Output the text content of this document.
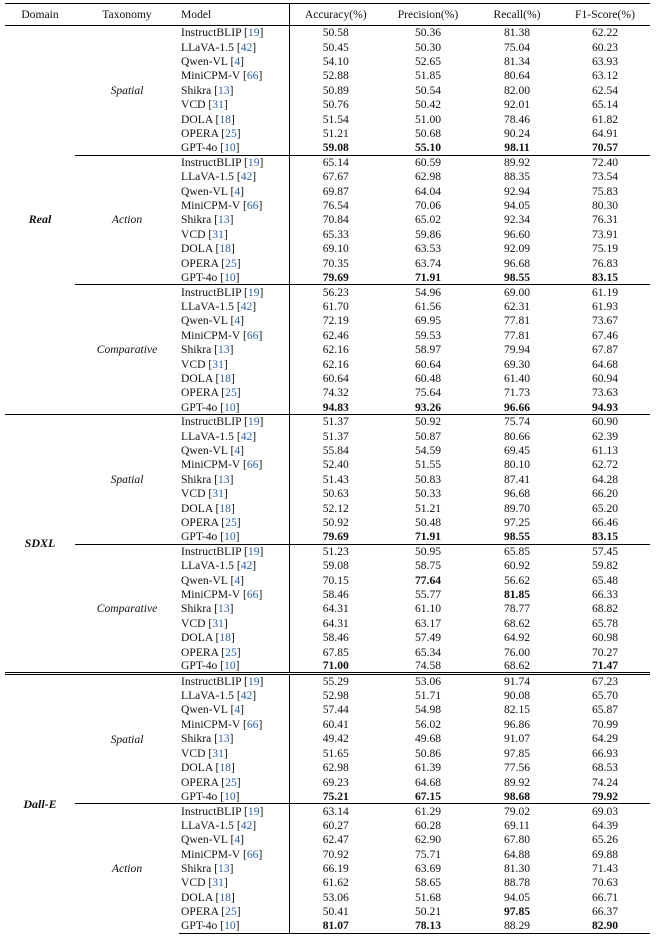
Domain	Taxonomy	Model	Accuracy(%)	Precision(%)	Recall(%)	F1-Score(%)
Real	Spatial	InstructBLIP [19]	50.58	50.36	81.38	62.22
		LLaVA-1.5 [42]	50.45	50.30	75.04	60.23
		Qwen-VL [4]	54.10	52.65	81.34	63.93
		MiniCPM-V [66]	52.88	51.85	80.64	63.12
		Shikra [13]	50.89	50.54	82.00	62.54
		VCD [31]	50.76	50.42	92.01	65.14
		DOLA [18]	51.54	51.00	78.46	61.82
		OPERA [25]	51.21	50.68	90.24	64.91
		GPT-4o [10]	59.08	55.10	98.11	70.57
	Action	InstructBLIP [19]	65.14	60.59	89.92	72.40
		LLaVA-1.5 [42]	67.67	62.98	88.35	73.54
		Qwen-VL [4]	69.87	64.04	92.94	75.83
		MiniCPM-V [66]	76.54	70.06	94.05	80.30
		Shikra [13]	70.84	65.02	92.34	76.31
		VCD [31]	65.33	59.86	96.60	73.91
		DOLA [18]	69.10	63.53	92.09	75.19
		OPERA [25]	70.35	63.74	96.68	76.83
		GPT-4o [10]	79.69	71.91	98.55	83.15
	Comparative	InstructBLIP [19]	56.23	54.96	69.00	61.19
		LLaVA-1.5 [42]	61.70	61.56	62.31	61.93
		Qwen-VL [4]	72.19	69.95	77.81	73.67
		MiniCPM-V [66]	62.46	59.53	77.81	67.46
		Shikra [13]	62.16	58.97	79.94	67.87
		VCD [31]	62.16	60.64	69.30	64.68
		DOLA [18]	60.64	60.48	61.40	60.94
		OPERA [25]	74.32	75.64	71.73	73.63
		GPT-4o [10]	94.83	93.26	96.66	94.93
SDXL	Spatial	InstructBLIP [19]	51.37	50.92	75.74	60.90
		LLaVA-1.5 [42]	51.37	50.87	80.66	62.39
		Qwen-VL [4]	55.84	54.59	69.45	61.13
		MiniCPM-V [66]	52.40	51.55	80.10	62.72
		Shikra [13]	51.43	50.83	87.41	64.28
		VCD [31]	50.63	50.33	96.68	66.20
		DOLA [18]	52.12	51.21	89.70	65.20
		OPERA [25]	50.92	50.48	97.25	66.46
		GPT-4o [10]	79.69	71.91	98.55	83.15
	Comparative	InstructBLIP [19]	51.23	50.95	65.85	57.45
		LLaVA-1.5 [42]	59.08	58.75	60.92	59.82
		Qwen-VL [4]	70.15	77.64	56.62	65.48
		MiniCPM-V [66]	58.46	55.77	81.85	66.33
		Shikra [13]	64.31	61.10	78.77	68.82
		VCD [31]	64.31	63.17	68.62	65.78
		DOLA [18]	58.46	57.49	64.92	60.98
		OPERA [25]	67.85	65.34	76.00	70.27
		GPT-4o [10]	71.00	74.58	68.62	71.47
Dall-E	Spatial	InstructBLIP [19]	55.29	53.06	91.74	67.23
		LLaVA-1.5 [42]	52.98	51.71	90.08	65.70
		Qwen-VL [4]	57.44	54.98	82.15	65.87
		MiniCPM-V [66]	60.41	56.02	96.86	70.99
		Shikra [13]	49.42	49.68	91.07	64.29
		VCD [31]	51.65	50.86	97.85	66.93
		DOLA [18]	62.98	61.39	77.56	68.53
		OPERA [25]	69.23	64.68	89.92	74.24
		GPT-4o [10]	75.21	67.15	98.68	79.92
	Action	InstructBLIP [19]	63.14	61.29	79.02	69.03
		LLaVA-1.5 [42]	60.27	60.28	69.11	64.39
		Qwen-VL [4]	62.47	62.90	67.80	65.26
		MiniCPM-V [66]	70.92	75.71	64.88	69.88
		Shikra [13]	66.19	63.69	81.30	71.43
		VCD [31]	61.62	58.65	88.78	70.63
		DOLA [18]	53.06	51.68	94.05	66.71
		OPERA [25]	50.41	50.21	97.85	66.37
		GPT-4o [10]	81.07	78.13	88.29	82.90
